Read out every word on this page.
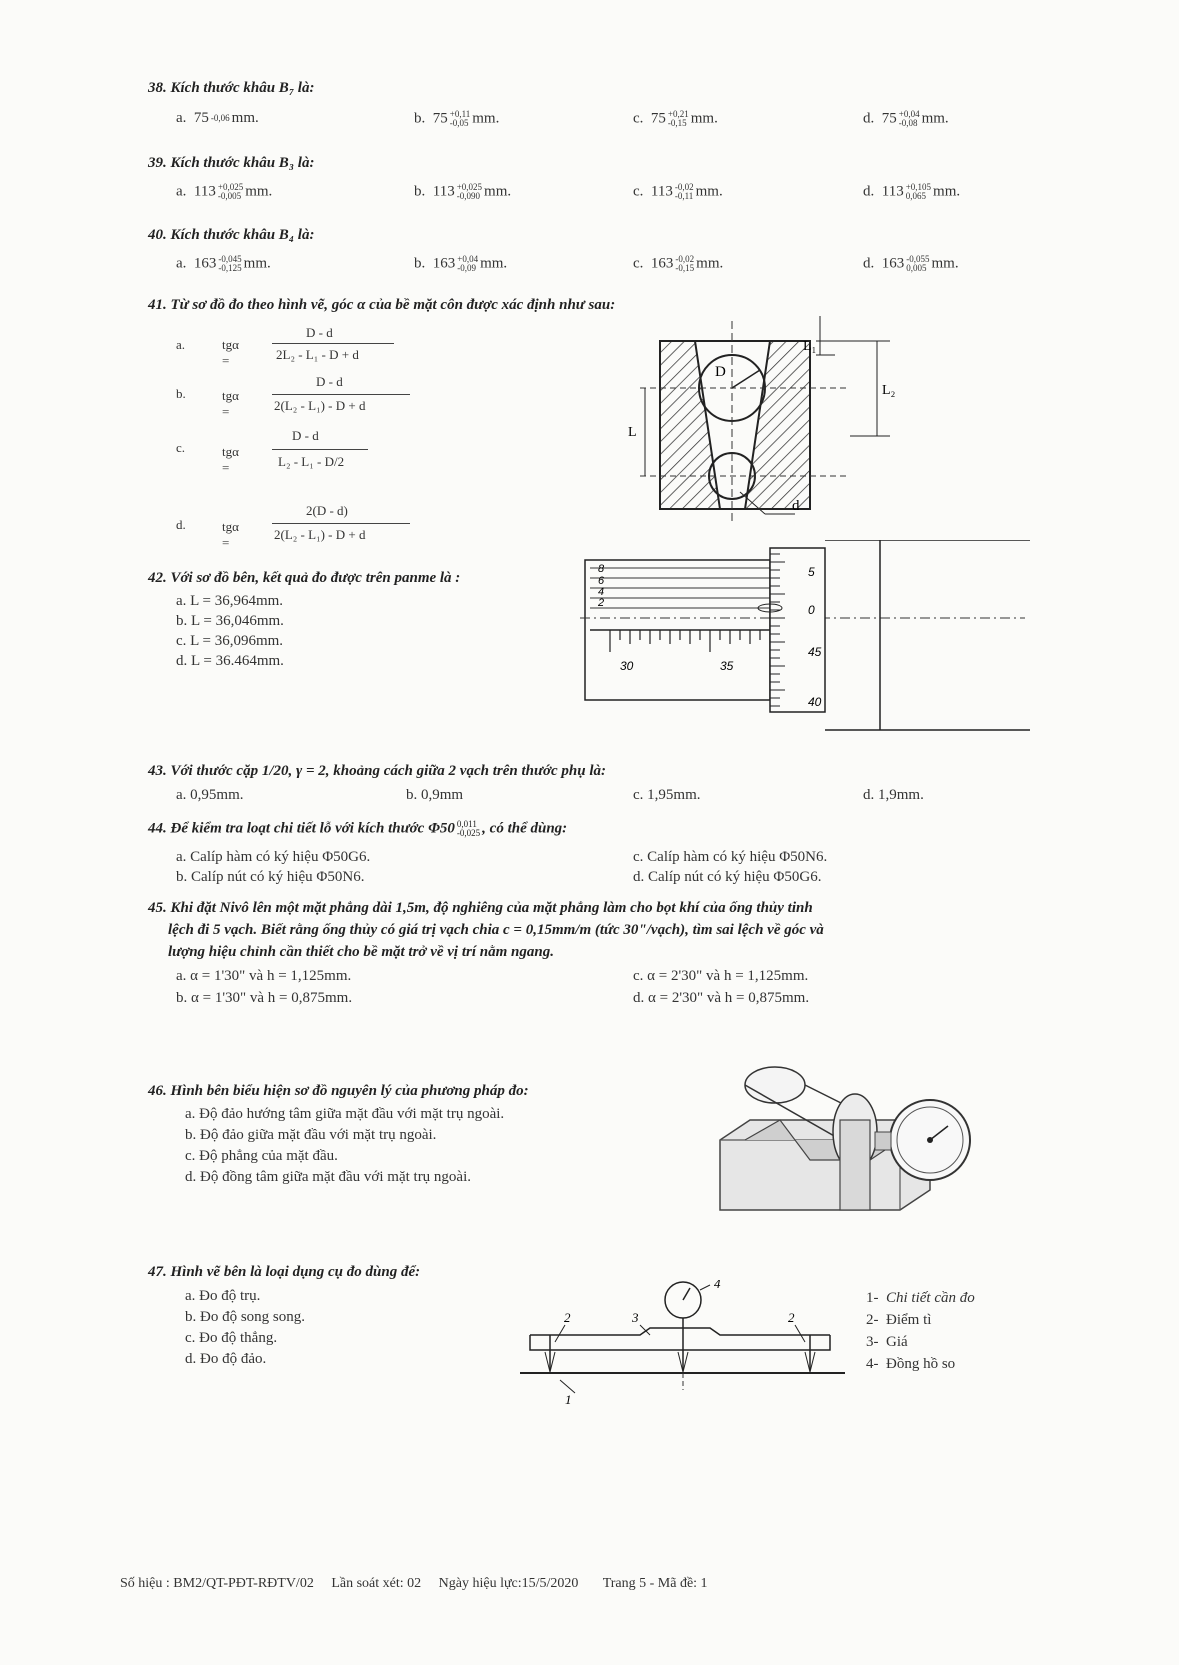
38. Kích thước khâu B₇ là:
a. 75 -0,06 mm.	b. 75 +0,11
-0,05 mm.	c. 75 +0,21
-0,15 mm.	d. 75 +0,04
-0,08 mm.
39. Kích thước khâu B₃ là:
a. 113 +0,025
-0,005 mm.	b. 113 +0,025
-0,090 mm.	c. 113 -0,02
-0,11 mm.	d. 113 +0,105
0,065 mm.
40. Kích thước khâu B₄ là:
a. 163 -0,045
-0,125 mm.	b. 163 +0,04
-0,09 mm.	c. 163 -0,02
-0,15 mm.	d. 163 -0,055
0,005 mm.
41. Từ sơ đồ đo theo hình vẽ, góc α của bề mặt côn được xác định như sau:
a.	tgα =
D - d
2L₂ - L₁ - D + d
b.	tgα =
D - d
2(L₂ - L₁) - D + d
c.	tgα =
D - d
L₂ - L₁ - D/2
d.	tgα =
2(D - d)
2(L₂ - L₁) - D + d
D
d
L₁
L₂
L
42. Với sơ đồ bên, kết quả đo được trên panme là :
a. L = 36,964mm.
b. L = 36,046mm.
c. L = 36,096mm.
d. L = 36.464mm.
8
6
4
2
30	35
5
0
45
40
43. Với thước cặp 1/20, γ = 2, khoảng cách giữa 2 vạch trên thước phụ là:
a. 0,95mm.	b. 0,9mm	c. 1,95mm.	d. 1,9mm.
44. Để kiểm tra loạt chi tiết lỗ với kích thước Φ50 0,011
-0,025 , có thể dùng:
a. Calíp hàm có ký hiệu Φ50G6.
b. Calíp nút có ký hiệu Φ50N6.
c. Calíp hàm có ký hiệu Φ50N6.
d. Calíp nút có ký hiệu Φ50G6.
45. Khi đặt Nivô lên một mặt phẳng dài 1,5m, độ nghiêng của mặt phẳng làm cho bọt khí của ống thủy tinh
lệch đi 5 vạch. Biết rằng ống thủy có giá trị vạch chia c = 0,15mm/m (tức 30"/vạch), tìm sai lệch về góc và
lượng hiệu chỉnh cần thiết cho bề mặt trở về vị trí nằm ngang.
a. α = 1'30" và h = 1,125mm.
b. α = 1'30" và h = 0,875mm.
c. α = 2'30" và h = 1,125mm.
d. α = 2'30" và h = 0,875mm.
46. Hình bên biểu hiện sơ đồ nguyên lý của phương pháp đo:
a. Độ đảo hướng tâm giữa mặt đầu với mặt trụ ngoài.
b. Độ đảo giữa mặt đầu với mặt trụ ngoài.
c. Độ phẳng của mặt đầu.
d. Độ đồng tâm giữa mặt đầu với mặt trụ ngoài.
47. Hình vẽ bên là loại dụng cụ đo dùng để:
a. Đo độ trụ.
b. Đo độ song song.
c. Đo độ thẳng.
d. Đo độ đảo.
1
2	2
3
4
1- Chi tiết cần đo
2- Điểm tì
3- Giá
4- Đồng hồ so
Số hiệu : BM2/QT-PĐT-RĐTV/02 Lần soát xét: 02 Ngày hiệu lực:15/5/2020 Trang 5 - Mã đề: 1
